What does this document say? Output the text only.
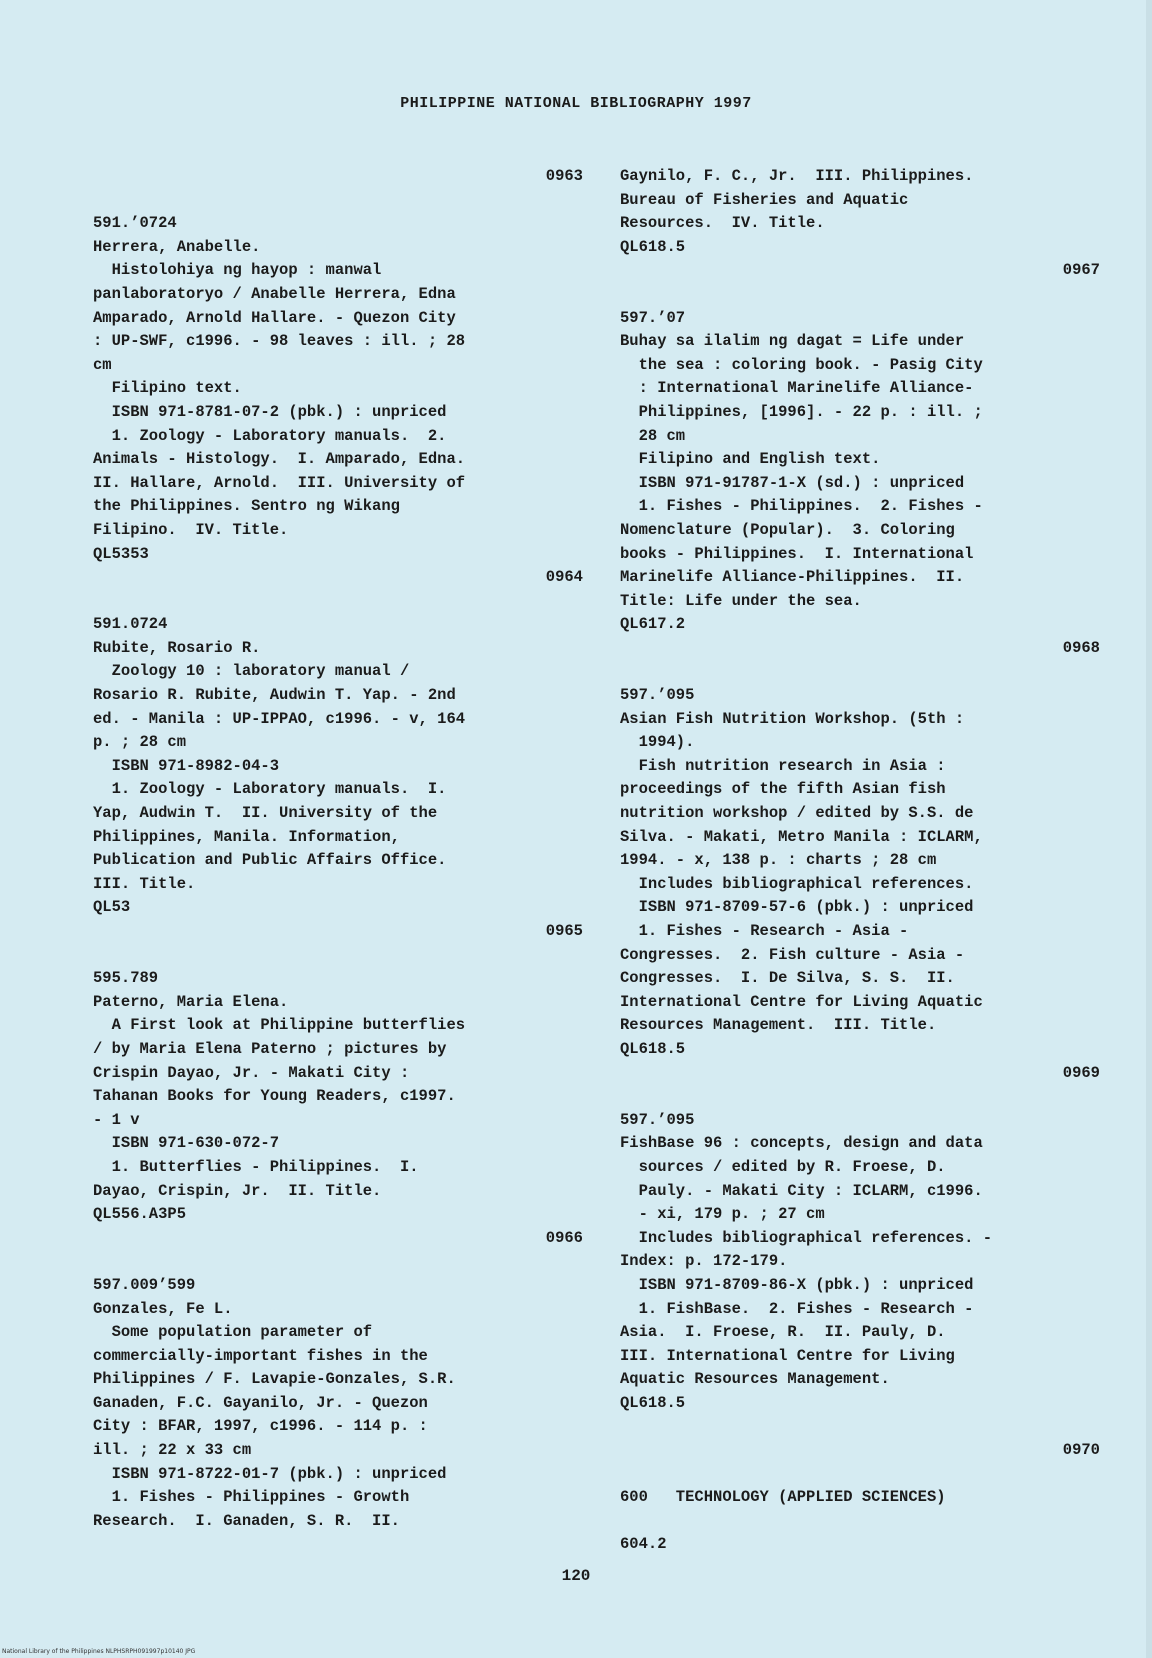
PHILIPPINE NATIONAL BIBLIOGRAPHY 1997
0963
591.’0724
Herrera, Anabelle.
Histolohiya ng hayop : manwal
panlaboratoryo / Anabelle Herrera, Edna
Amparado, Arnold Hallare. - Quezon City
: UP-SWF, c1996. - 98 leaves : ill. ; 28
cm
Filipino text.
ISBN 971-8781-07-2 (pbk.) : unpriced
1. Zoology - Laboratory manuals.  2.
Animals - Histology.  I. Amparado, Edna.
II. Hallare, Arnold.  III. University of
the Philippines. Sentro ng Wikang
Filipino.  IV. Title.
QL5353
0964
591.0724
Rubite, Rosario R.
Zoology 10 : laboratory manual /
Rosario R. Rubite, Audwin T. Yap. - 2nd
ed. - Manila : UP-IPPAO, c1996. - v, 164
p. ; 28 cm
ISBN 971-8982-04-3
1. Zoology - Laboratory manuals.  I.
Yap, Audwin T.  II. University of the
Philippines, Manila. Information,
Publication and Public Affairs Office.
III. Title.
QL53
0965
595.789
Paterno, Maria Elena.
A First look at Philippine butterflies
/ by Maria Elena Paterno ; pictures by
Crispin Dayao, Jr. - Makati City :
Tahanan Books for Young Readers, c1997.
- 1 v
ISBN 971-630-072-7
1. Butterflies - Philippines.  I.
Dayao, Crispin, Jr.  II. Title.
QL556.A3P5
0966
597.009’599
Gonzales, Fe L.
Some population parameter of
commercially-important fishes in the
Philippines / F. Lavapie-Gonzales, S.R.
Ganaden, F.C. Gayanilo, Jr. - Quezon
City : BFAR, 1997, c1996. - 114 p. :
ill. ; 22 x 33 cm
ISBN 971-8722-01-7 (pbk.) : unpriced
1. Fishes - Philippines - Growth
Research.  I. Ganaden, S. R.  II.
Gaynilo, F. C., Jr.  III. Philippines.
Bureau of Fisheries and Aquatic
Resources.  IV. Title.
QL618.5
0967
597.’07
Buhay sa ilalim ng dagat = Life under
the sea : coloring book. - Pasig City
: International Marinelife Alliance-
Philippines, [1996]. - 22 p. : ill. ;
28 cm
Filipino and English text.
ISBN 971-91787-1-X (sd.) : unpriced
1. Fishes - Philippines.  2. Fishes -
Nomenclature (Popular).  3. Coloring
books - Philippines.  I. International
Marinelife Alliance-Philippines.  II.
Title: Life under the sea.
QL617.2
0968
597.’095
Asian Fish Nutrition Workshop. (5th :
1994).
Fish nutrition research in Asia :
proceedings of the fifth Asian fish
nutrition workshop / edited by S.S. de
Silva. - Makati, Metro Manila : ICLARM,
1994. - x, 138 p. : charts ; 28 cm
Includes bibliographical references.
ISBN 971-8709-57-6 (pbk.) : unpriced
1. Fishes - Research - Asia -
Congresses.  2. Fish culture - Asia -
Congresses.  I. De Silva, S. S.  II.
International Centre for Living Aquatic
Resources Management.  III. Title.
QL618.5
0969
597.’095
FishBase 96 : concepts, design and data
sources / edited by R. Froese, D.
Pauly. - Makati City : ICLARM, c1996.
- xi, 179 p. ; 27 cm
Includes bibliographical references. -
Index: p. 172-179.
ISBN 971-8709-86-X (pbk.) : unpriced
1. FishBase.  2. Fishes - Research -
Asia.  I. Froese, R.  II. Pauly, D.
III. International Centre for Living
Aquatic Resources Management.
QL618.5
0970
600   TECHNOLOGY (APPLIED SCIENCES)
604.2
120
National Library of the Philippines NLPHSRPH091997p10140 JPG
